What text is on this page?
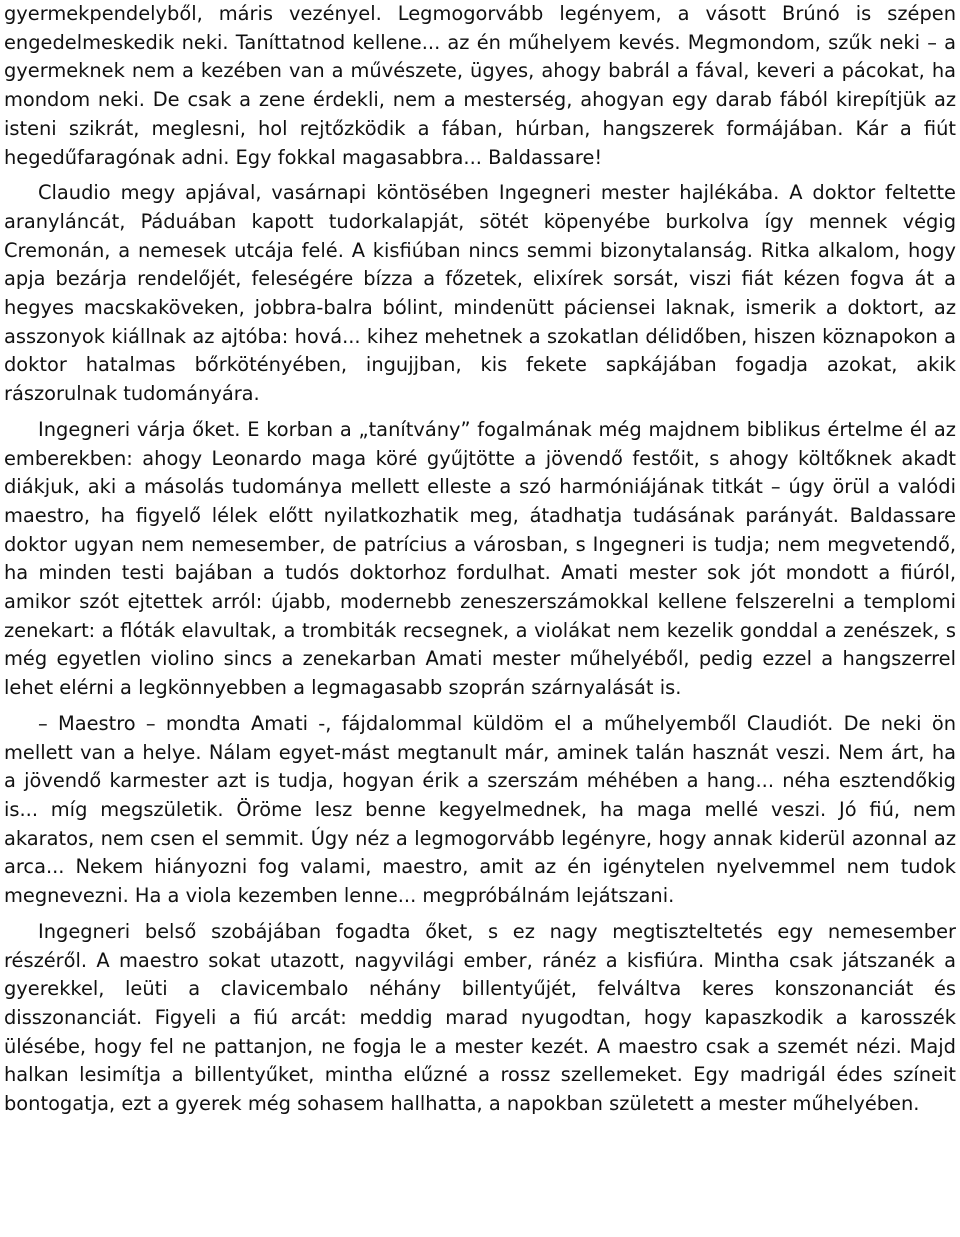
gyermekpendelyből, máris vezényel. Legmogorvább legényem, a vásott Brúnó is szépen engedelmeskedik neki. Taníttatnod kellene... az én műhelyem kevés. Megmondom, szűk neki – a gyermeknek nem a kezében van a művészete, ügyes, ahogy babrál a fával, keveri a pácokat, ha mondom neki. De csak a zene érdekli, nem a mesterség, ahogyan egy darab fából kirepítjük az isteni szikrát, meglesni, hol rejtőzködik a fában, húrban, hangszerek formájában. Kár a fiút hegedűfaragónak adni. Egy fokkal magasabbra... Baldassare!

Claudio megy apjával, vasárnapi köntösében Ingegneri mester hajlékába. A doktor feltette aranyláncát, Páduában kapott tudorkalapját, sötét köpenyébe burkolva így mennek végig Cremonán, a nemesek utcája felé. A kisfiúban nincs semmi bizonytalanság. Ritka alkalom, hogy apja bezárja rendelőjét, feleségére bízza a főzetek, elixírek sorsát, viszi fiát kézen fogva át a hegyes macskaköveken, jobbra-balra bólint, mindenütt páciensei laknak, ismerik a doktort, az asszonyok kiállnak az ajtóba: hová... kihez mehetnek a szokatlan délidőben, hiszen köznapokon a doktor hatalmas bőrkötényében, ingujjban, kis fekete sapkájában fogadja azokat, akik rászorulnak tudományára.

Ingegneri várja őket. E korban a „tanítvány” fogalmának még majdnem biblikus értelme él az emberekben: ahogy Leonardo maga köré gyűjtötte a jövendő festőit, s ahogy költőknek akadt diákjuk, aki a másolás tudománya mellett elleste a szó harmóniájának titkát – úgy örül a valódi maestro, ha figyelő lélek előtt nyilatkozhatik meg, átadhatja tudásának parányát. Baldassare doktor ugyan nem nemesember, de patrícius a városban, s Ingegneri is tudja; nem megvetendő, ha minden testi bajában a tudós doktorhoz fordulhat. Amati mester sok jót mondott a fiúról, amikor szót ejtettek arról: újabb, modernebb zeneszerszámokkal kellene felszerelni a templomi zenekart: a flóták elavultak, a trombiták recsegnek, a violákat nem kezelik gonddal a zenészek, s még egyetlen violino sincs a zenekarban Amati mester műhelyéből, pedig ezzel a hangszerrel lehet elérni a legkönnyebben a legmagasabb szoprán szárnyalását is.

– Maestro – mondta Amati -, fájdalommal küldöm el a műhelyemből Claudiót. De neki ön mellett van a helye. Nálam egyet-mást megtanult már, aminek talán hasznát veszi. Nem árt, ha a jövendő karmester azt is tudja, hogyan érik a szerszám méhében a hang... néha esztendőkig is... míg megszületik. Öröme lesz benne kegyelmednek, ha maga mellé veszi. Jó fiú, nem akaratos, nem csen el semmit. Úgy néz a legmogorvább legényre, hogy annak kiderül azonnal az arca... Nekem hiányozni fog valami, maestro, amit az én igénytelen nyelvemmel nem tudok megnevezni. Ha a viola kezemben lenne... megpróbálnám lejátszani.

Ingegneri belső szobájában fogadta őket, s ez nagy megtiszteltetés egy nemesember részéről. A maestro sokat utazott, nagyvilági ember, ránéz a kisfiúra. Mintha csak játszanék a gyerekkel, leüti a clavicembalo néhány billentyűjét, felváltva keres konszonanciát és disszonanciát. Figyeli a fiú arcát: meddig marad nyugodtan, hogy kapaszkodik a karosszék ülésébe, hogy fel ne pattanjon, ne fogja le a mester kezét. A maestro csak a szemét nézi. Majd halkan lesimítja a billentyűket, mintha elűzné a rossz szellemeket. Egy madrigál édes színeit bontogatja, ezt a gyerek még sohasem hallhatta, a napokban született a mester műhelyében.
